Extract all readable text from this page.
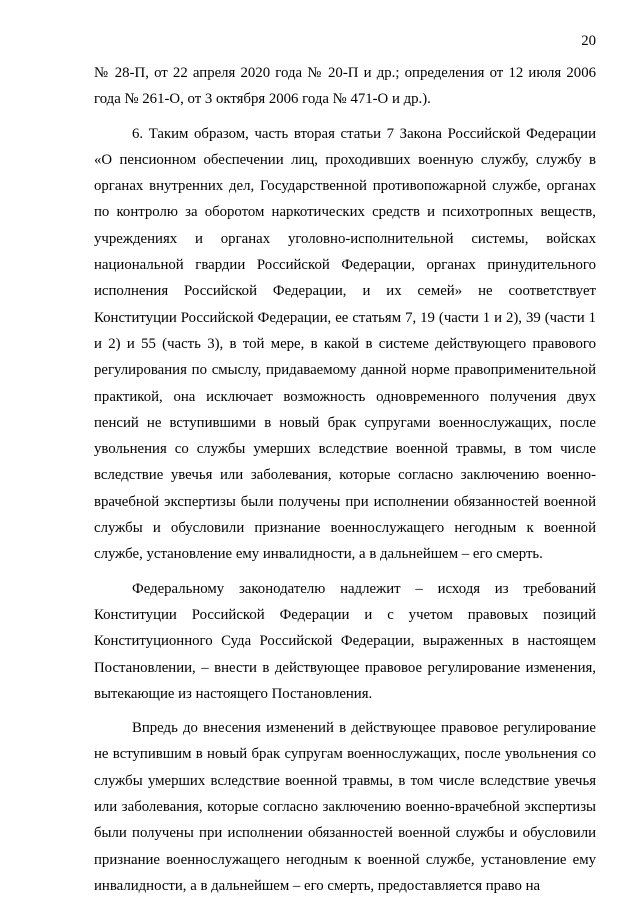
20

№ 28-П, от 22 апреля 2020 года № 20-П и др.; определения от 12 июля 2006 года № 261-О, от 3 октября 2006 года № 471-О и др.).

6. Таким образом, часть вторая статьи 7 Закона Российской Федерации «О пенсионном обеспечении лиц, проходивших военную службу, службу в органах внутренних дел, Государственной противопожарной службе, органах по контролю за оборотом наркотических средств и психотропных веществ, учреждениях и органах уголовно-исполнительной системы, войсках национальной гвардии Российской Федерации, органах принудительного исполнения Российской Федерации, и их семей» не соответствует Конституции Российской Федерации, ее статьям 7, 19 (части 1 и 2), 39 (части 1 и 2) и 55 (часть 3), в той мере, в какой в системе действующего правового регулирования по смыслу, придаваемому данной норме правоприменительной практикой, она исключает возможность одновременного получения двух пенсий не вступившими в новый брак супругами военнослужащих, после увольнения со службы умерших вследствие военной травмы, в том числе вследствие увечья или заболевания, которые согласно заключению военно-врачебной экспертизы были получены при исполнении обязанностей военной службы и обусловили признание военнослужащего негодным к военной службе, установление ему инвалидности, а в дальнейшем – его смерть.

Федеральному законодателю надлежит – исходя из требований Конституции Российской Федерации и с учетом правовых позиций Конституционного Суда Российской Федерации, выраженных в настоящем Постановлении, – внести в действующее правовое регулирование изменения, вытекающие из настоящего Постановления.

Впредь до внесения изменений в действующее правовое регулирование не вступившим в новый брак супругам военнослужащих, после увольнения со службы умерших вследствие военной травмы, в том числе вследствие увечья или заболевания, которые согласно заключению военно-врачебной экспертизы были получены при исполнении обязанностей военной службы и обусловили признание военнослужащего негодным к военной службе, установление ему инвалидности, а в дальнейшем – его смерть, предоставляется право на
